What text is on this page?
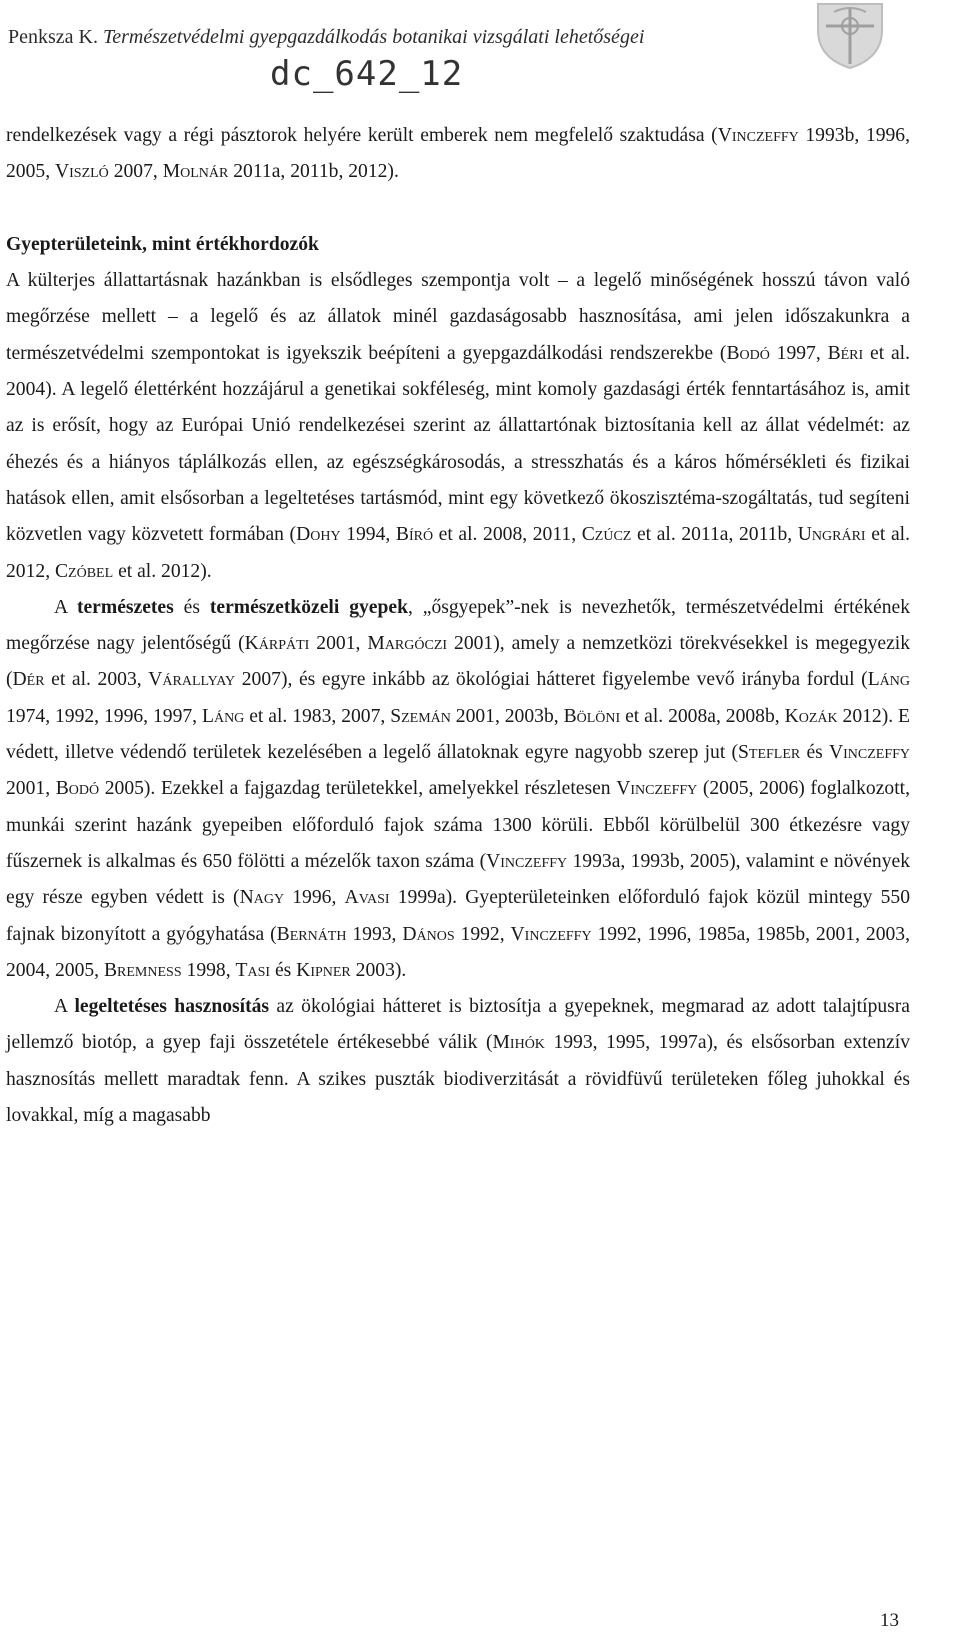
Penksza K. Természetvédelmi gyepgazdálkodás botanikai vizsgálati lehetőségei
dc_642_12

rendelkezések vagy a régi pásztorok helyére került emberek nem megfelelő szaktudása (Vinczeffy 1993b, 1996, 2005, Viszló 2007, Molnár 2011a, 2011b, 2012).

Gyepterületeink, mint értékhordozók

A külterjes állattartásnak hazánkban is elsődleges szempontja volt – a legelő minőségének hosszú távon való megőrzése mellett – a legelő és az állatok minél gazdaságosabb hasznosítása, ami jelen időszakunkra a természetvédelmi szempontokat is igyekszik beépíteni a gyepgazdálkodási rendszerekbe (Bodó 1997, Béri et al. 2004). A legelő élettérként hozzájárul a genetikai sokféleség, mint komoly gazdasági érték fenntartásához is, amit az is erősít, hogy az Európai Unió rendelkezései szerint az állattartónak biztosítania kell az állat védelmét: az éhezés és a hiányos táplálkozás ellen, az egészségkárosodás, a stresszhatás és a káros hőmérsékleti és fizikai hatások ellen, amit elsősorban a legeltetéses tartásmód, mint egy következő ökoszisztéma-szogáltatás, tud segíteni közvetlen vagy közvetett formában (Dohy 1994, Bíró et al. 2008, 2011, Czúcz et al. 2011a, 2011b, Ungrári et al. 2012, Czóbel et al. 2012).

A természetes és természetközeli gyepek, „ősgyepek”-nek is nevezhetők, természetvédelmi értékének megőrzése nagy jelentőségű (Kárpáti 2001, Margóczi 2001), amely a nemzetközi törekvésekkel is megegyezik (Dér et al. 2003, Várallyay 2007), és egyre inkább az ökológiai hátteret figyelembe vevő irányba fordul (Láng 1974, 1992, 1996, 1997, Láng et al. 1983, 2007, Szemán 2001, 2003b, Bölöni et al. 2008a, 2008b, Kozák 2012). E védett, illetve védendő területek kezelésében a legelő állatoknak egyre nagyobb szerep jut (Stefler és Vinczeffy 2001, Bodó 2005). Ezekkel a fajgazdag területekkel, amelyekkel részletesen Vinczeffy (2005, 2006) foglalkozott, munkái szerint hazánk gyepeiben előforduló fajok száma 1300 körüli. Ebből körülbelül 300 étkezésre vagy fűszernek is alkalmas és 650 fölötti a mézelők taxon száma (Vinczeffy 1993a, 1993b, 2005), valamint e növények egy része egyben védett is (Nagy 1996, Avasi 1999a). Gyepterületeinken előforduló fajok közül mintegy 550 fajnak bizonyított a gyógyhatása (Bernáth 1993, Dános 1992, Vinczeffy 1992, 1996, 1985a, 1985b, 2001, 2003, 2004, 2005, Bremness 1998, Tasi és Kipner 2003).

A legeltetéses hasznosítás az ökológiai hátteret is biztosítja a gyepeknek, megmarad az adott talajtípusra jellemző biotóp, a gyep faji összetétele értékesebbé válik (Mihók 1993, 1995, 1997a), és elsősorban extenzív hasznosítás mellett maradtak fenn. A szikes puszták biodiverzitását a rövidfüvű területeken főleg juhokkal és lovakkal, míg a magasabb

13
